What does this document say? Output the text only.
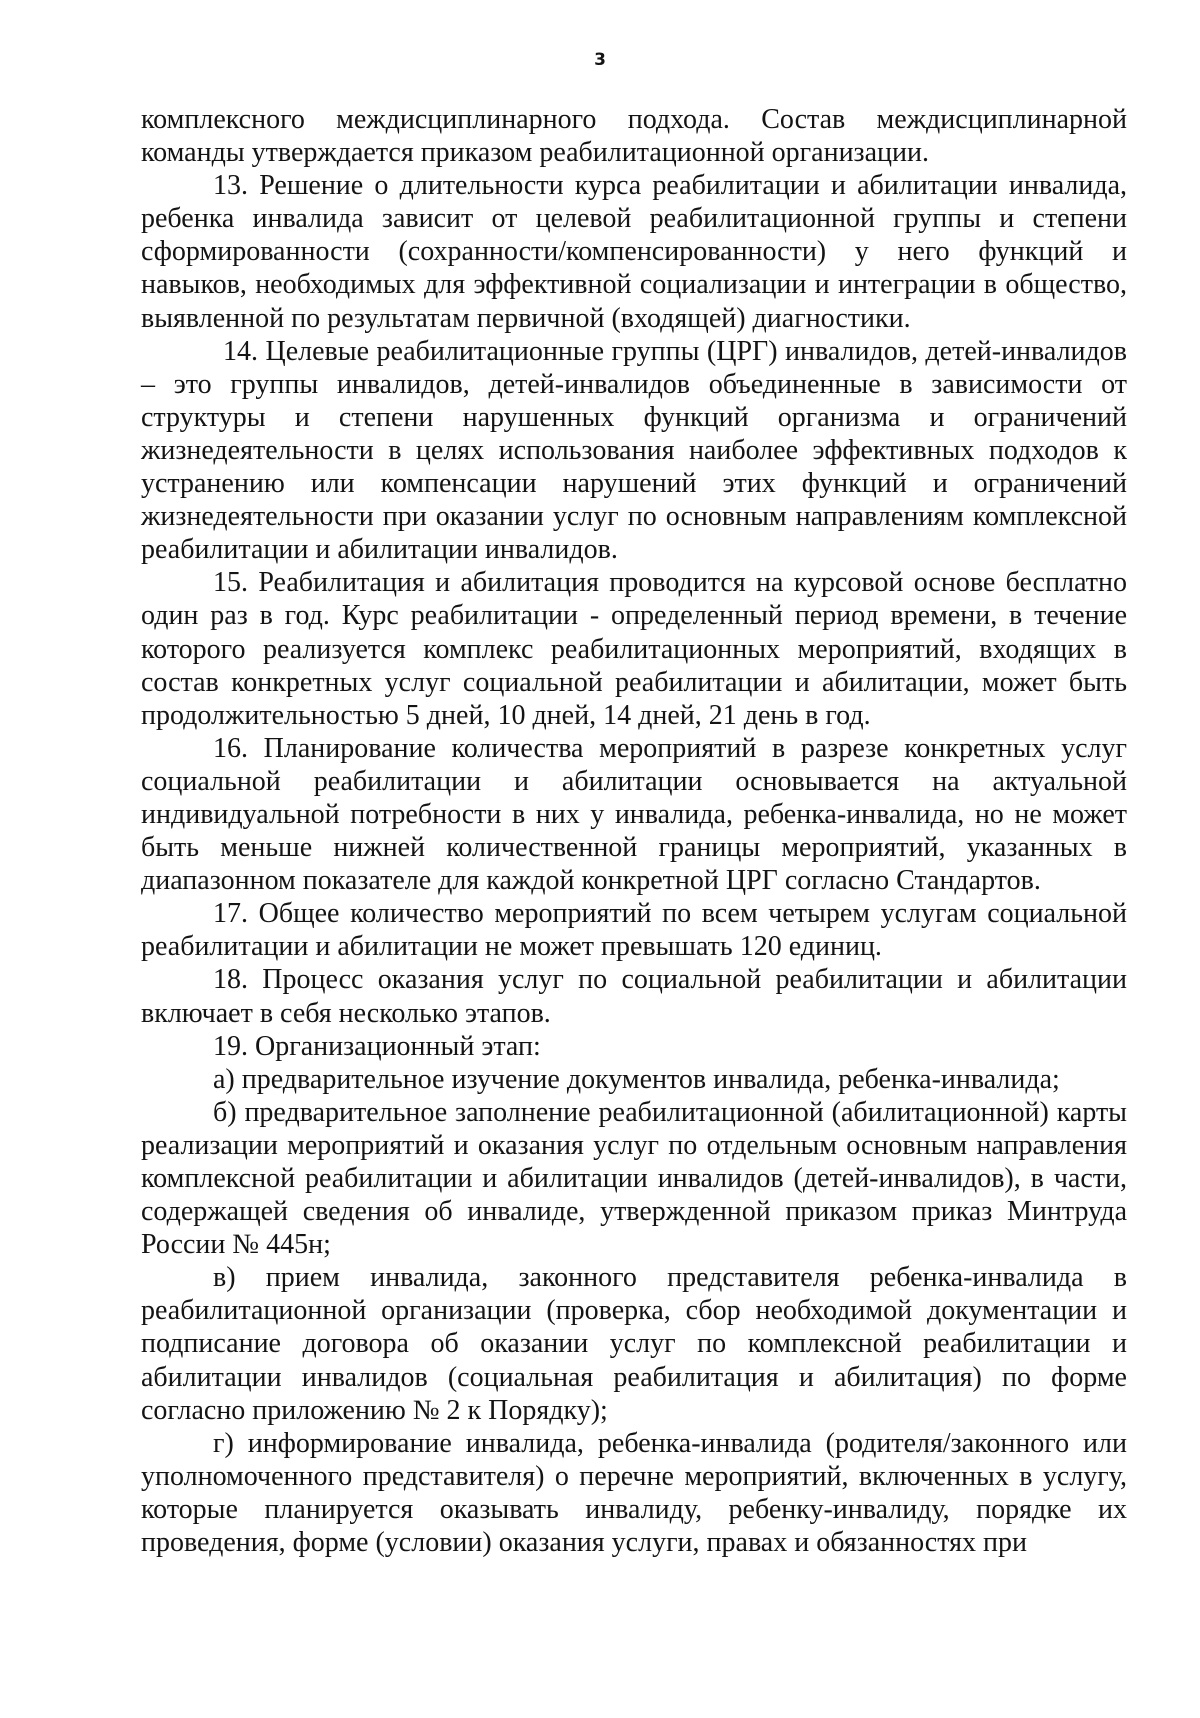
3

комплексного междисциплинарного подхода. Состав междисциплинарной команды утверждается приказом реабилитационной организации.

13. Решение о длительности курса реабилитации и абилитации инвалида, ребенка инвалида зависит от целевой реабилитационной группы и степени сформированности (сохранности/компенсированности) у него функций и навыков, необходимых для эффективной социализации и интеграции в общество, выявленной по результатам первичной (входящей) диагностики.

14. Целевые реабилитационные группы (ЦРГ) инвалидов, детей-инвалидов – это группы инвалидов, детей-инвалидов объединенные в зависимости от структуры и степени нарушенных функций организма и ограничений жизнедеятельности в целях использования наиболее эффективных подходов к устранению или компенсации нарушений этих функций и ограничений жизнедеятельности при оказании услуг по основным направлениям комплексной реабилитации и абилитации инвалидов.

15. Реабилитация и абилитация проводится на курсовой основе бесплатно один раз в год. Курс реабилитации - определенный период времени, в течение которого реализуется комплекс реабилитационных мероприятий, входящих в состав конкретных услуг социальной реабилитации и абилитации, может быть продолжительностью 5 дней, 10 дней, 14 дней, 21 день в год.

16. Планирование количества мероприятий в разрезе конкретных услуг социальной реабилитации и абилитации основывается на актуальной индивидуальной потребности в них у инвалида, ребенка-инвалида, но не может быть меньше нижней количественной границы мероприятий, указанных в диапазонном показателе для каждой конкретной ЦРГ согласно Стандартов.

17. Общее количество мероприятий по всем четырем услугам социальной реабилитации и абилитации не может превышать 120 единиц.

18. Процесс оказания услуг по социальной реабилитации и абилитации включает в себя несколько этапов.

19. Организационный этап:

а) предварительное изучение документов инвалида, ребенка-инвалида;

б) предварительное заполнение реабилитационной (абилитационной) карты реализации мероприятий и оказания услуг по отдельным основным направления комплексной реабилитации и абилитации инвалидов (детей-инвалидов), в части, содержащей сведения об инвалиде, утвержденной приказом приказ Минтруда России № 445н;

в) прием инвалида, законного представителя ребенка-инвалида в реабилитационной организации (проверка, сбор необходимой документации и подписание договора об оказании услуг по комплексной реабилитации и абилитации инвалидов (социальная реабилитация и абилитация) по форме согласно приложению № 2 к Порядку);

г) информирование инвалида, ребенка-инвалида (родителя/законного или уполномоченного представителя) о перечне мероприятий, включенных в услугу, которые планируется оказывать инвалиду, ребенку-инвалиду, порядке их проведения, форме (условии) оказания услуги, правах и обязанностях при
